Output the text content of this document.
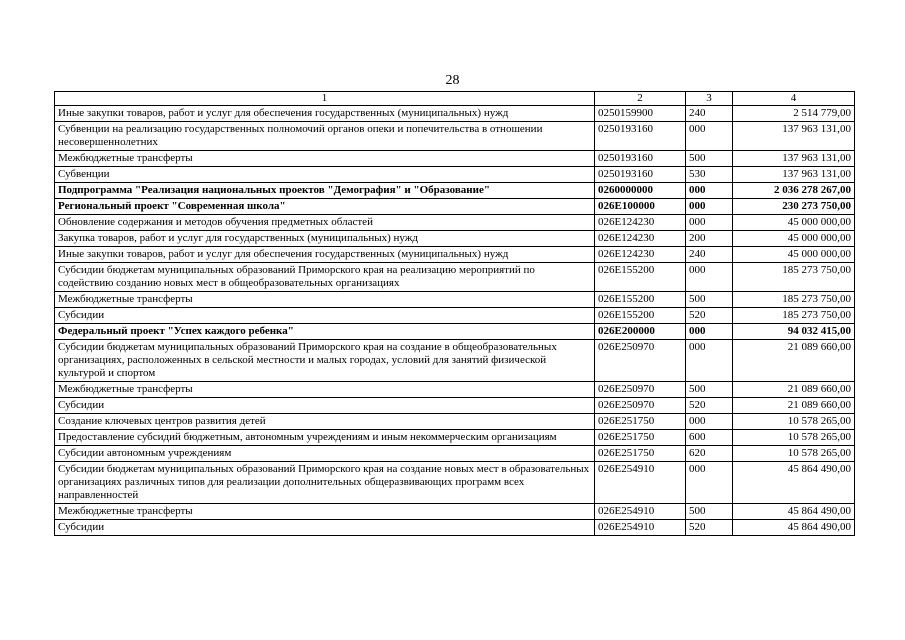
28
1	2	3	4
Иные закупки товаров, работ и услуг для обеспечения государственных (муниципальных) нужд	0250159900	240	2 514 779,00
Субвенции на реализацию государственных полномочий органов опеки и попечительства в отношении несовершеннолетних	0250193160	000	137 963 131,00
Межбюджетные трансферты	0250193160	500	137 963 131,00
Субвенции	0250193160	530	137 963 131,00
Подпрограмма "Реализация национальных проектов "Демография" и "Образование"	0260000000	000	2 036 278 267,00
Региональный проект "Современная школа"	026E100000	000	230 273 750,00
Обновление содержания и методов обучения предметных областей	026E124230	000	45 000 000,00
Закупка товаров, работ и услуг для государственных (муниципальных) нужд	026E124230	200	45 000 000,00
Иные закупки товаров, работ и услуг для обеспечения государственных (муниципальных) нужд	026E124230	240	45 000 000,00
Субсидии бюджетам муниципальных образований Приморского края на реализацию мероприятий по содействию созданию новых мест в общеобразовательных организациях	026E155200	000	185 273 750,00
Межбюджетные трансферты	026E155200	500	185 273 750,00
Субсидии	026E155200	520	185 273 750,00
Федеральный проект "Успех каждого ребенка"	026E200000	000	94 032 415,00
Субсидии бюджетам муниципальных образований Приморского края на создание в общеобразовательных организациях, расположенных в сельской местности и малых городах, условий для занятий физической культурой и спортом	026E250970	000	21 089 660,00
Межбюджетные трансферты	026E250970	500	21 089 660,00
Субсидии	026E250970	520	21 089 660,00
Создание ключевых центров развития детей	026E251750	000	10 578 265,00
Предоставление субсидий бюджетным, автономным учреждениям и иным некоммерческим организациям	026E251750	600	10 578 265,00
Субсидии автономным учреждениям	026E251750	620	10 578 265,00
Субсидии бюджетам муниципальных образований Приморского края на создание новых мест в образовательных организациях различных типов для реализации дополнительных общеразвивающих программ всех направленностей	026E254910	000	45 864 490,00
Межбюджетные трансферты	026E254910	500	45 864 490,00
Субсидии	026E254910	520	45 864 490,00
